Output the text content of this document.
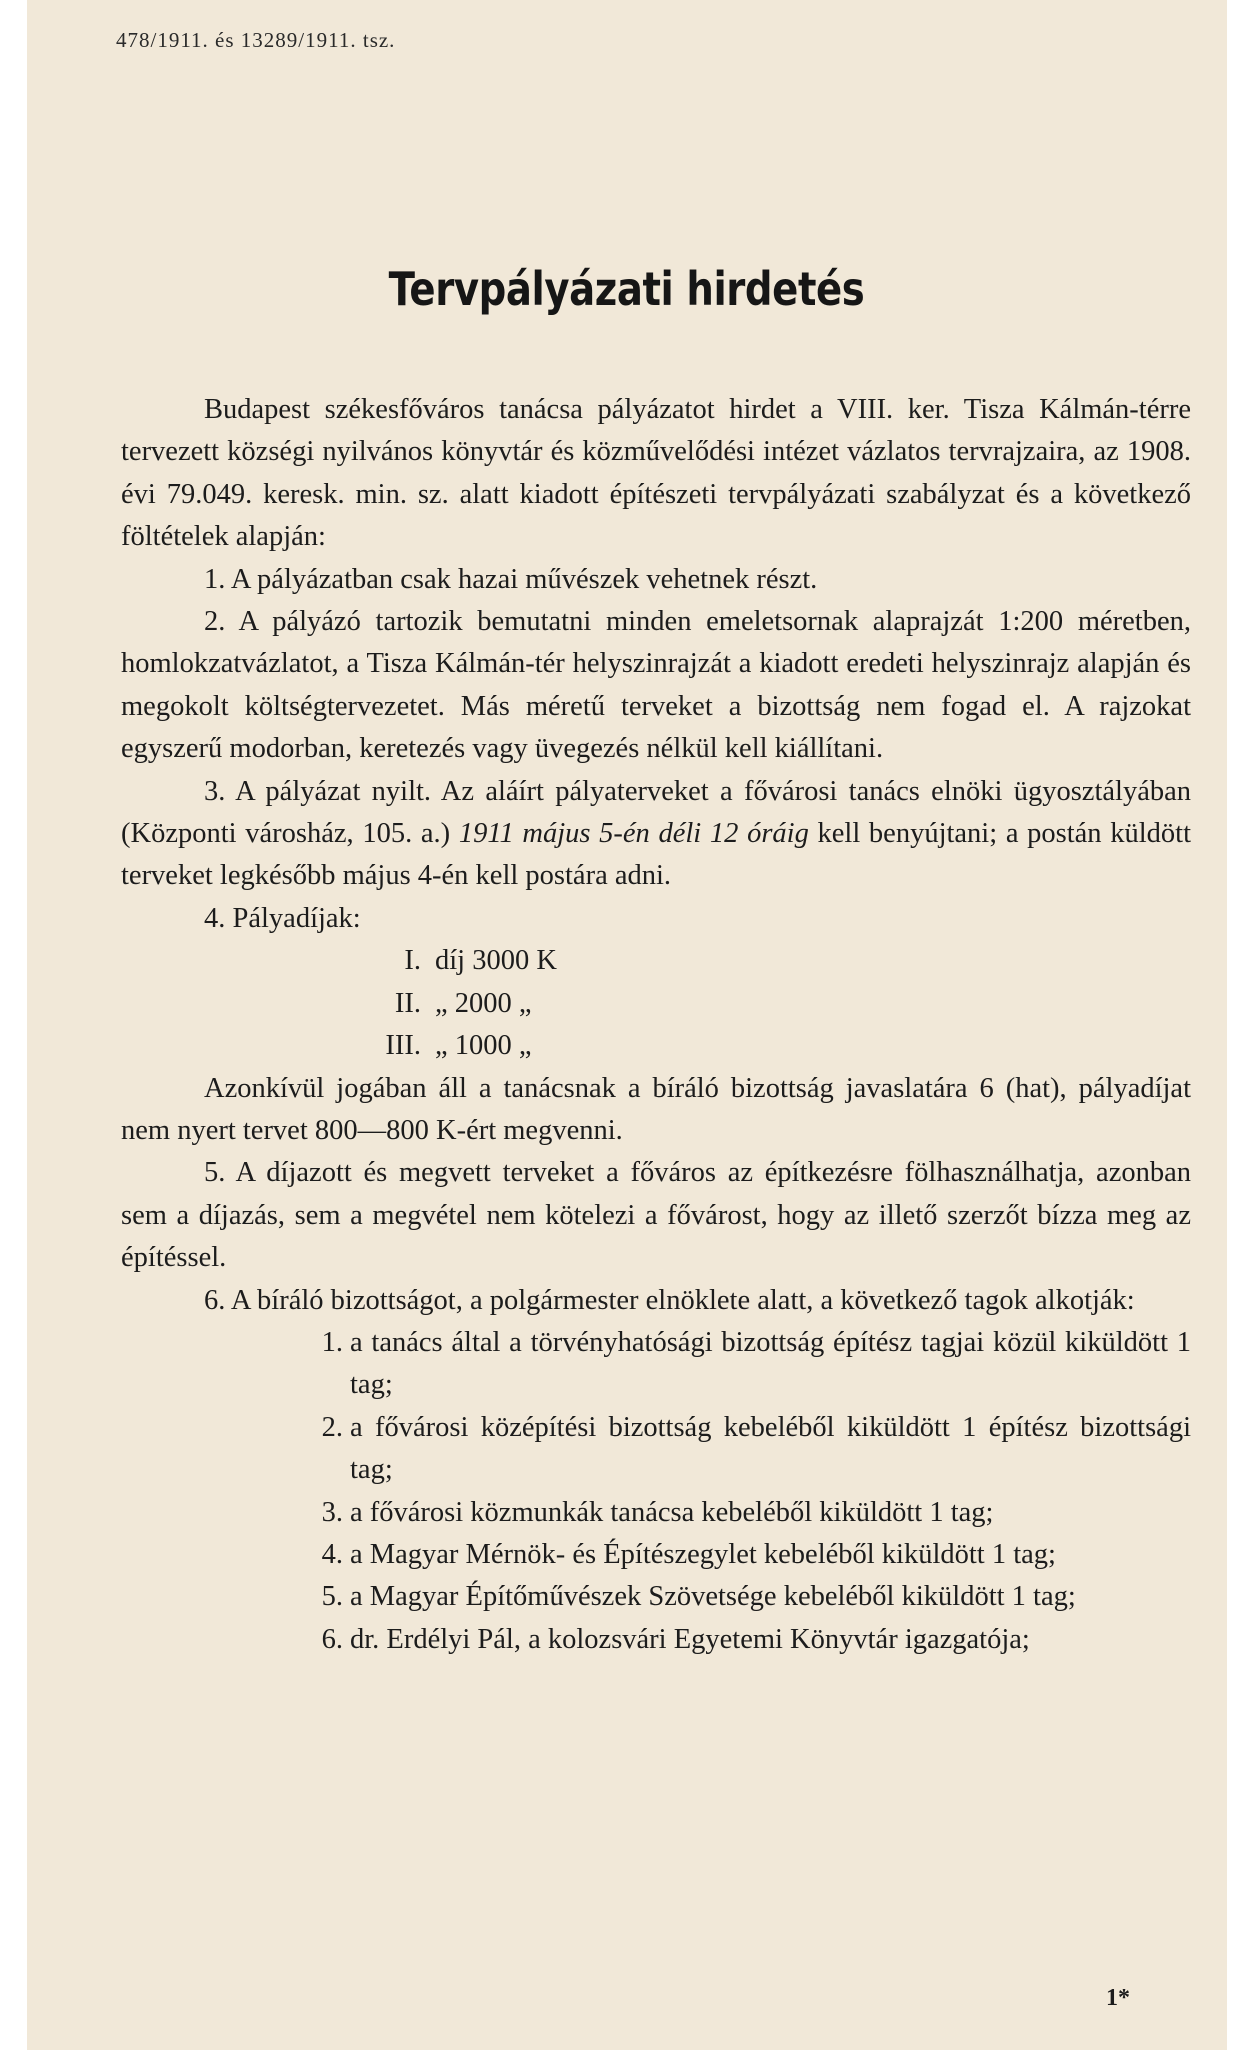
478/1911. és 13289/1911. tsz.
Tervpályázati hirdetés

Budapest székesfőváros tanácsa pályázatot hirdet a VIII. ker. Tisza Kálmán-térre tervezett községi nyilvános könyvtár és közművelődési intézet vázlatos tervrajzaira, az 1908. évi 79.049. keresk. min. sz. alatt kiadott építészeti tervpályázati szabályzat és a következő föltételek alapján:

1. A pályázatban csak hazai művészek vehetnek részt.

2. A pályázó tartozik bemutatni minden emeletsornak alaprajzát 1:200 méretben, homlokzatvázlatot, a Tisza Kálmán-tér helyszinrajzát a kiadott eredeti helyszinrajz alapján és megokolt költségtervezetet. Más méretű terveket a bizottság nem fogad el. A rajzokat egyszerű modorban, keretezés vagy üvegezés nélkül kell kiállítani.

3. A pályázat nyilt. Az aláírt pályaterveket a fővárosi tanács elnöki ügyosztályában (Központi városház, 105. a.) 1911 május 5-én déli 12 óráig kell benyújtani; a postán küldött terveket legkésőbb május 4-én kell postára adni.

4. Pályadíjak:

I. díj 3000 K
II. „ 2000 „
III. „ 1000 „

Azonkívül jogában áll a tanácsnak a bíráló bizottság javaslatára 6 (hat), pályadíjat nem nyert tervet 800—800 K-ért megvenni.

5. A díjazott és megvett terveket a főváros az építkezésre fölhasználhatja, azonban sem a díjazás, sem a megvétel nem kötelezi a fővárost, hogy az illető szerzőt bízza meg az építéssel.

6. A bíráló bizottságot, a polgármester elnöklete alatt, a következő tagok alkotják:

1. a tanács által a törvényhatósági bizottság építész tagjai közül kiküldött 1 tag;
2. a fővárosi középítési bizottság kebeléből kiküldött 1 építész bizottsági tag;
3. a fővárosi közmunkák tanácsa kebeléből kiküldött 1 tag;
4. a Magyar Mérnök- és Építészegylet kebeléből kiküldött 1 tag;
5. a Magyar Építőművészek Szövetsége kebeléből kiküldött 1 tag;
6. dr. Erdélyi Pál, a kolozsvári Egyetemi Könyvtár igazgatója;
1*
